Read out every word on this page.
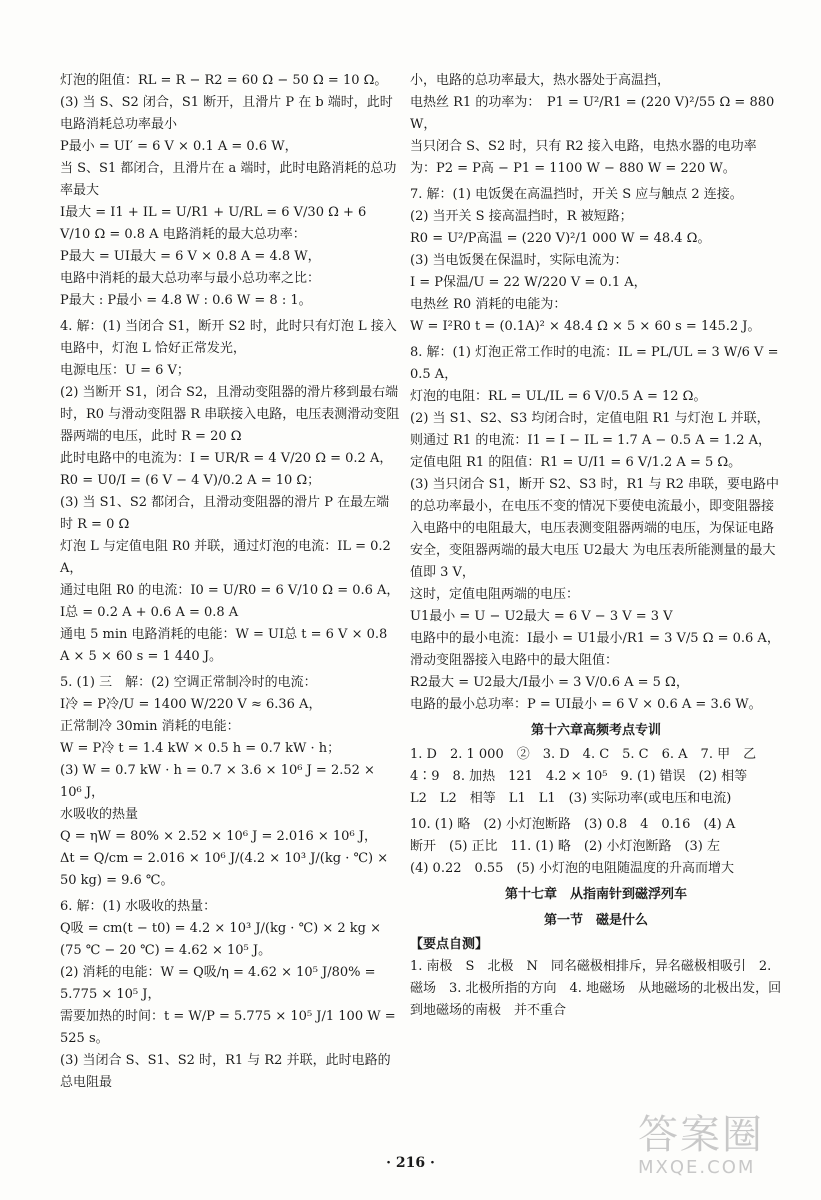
灯泡的阻值：RL = R − R2 = 60 Ω − 50 Ω = 10 Ω。

(3) 当 S、S2 闭合，S1 断开，且滑片 P 在 b 端时，此时电路消耗总功率最小

P最小 = UI′ = 6 V × 0.1 A = 0.6 W，

当 S、S1 都闭合，且滑片在 a 端时，此时电路消耗的总功率最大

I最大 = I1 + IL = U/R1 + U/RL = 6 V/30 Ω + 6 V/10 Ω = 0.8 A 电路消耗的最大总功率：

P最大 = UI最大 = 6 V × 0.8 A = 4.8 W，

电路中消耗的最大总功率与最小总功率之比：

P最大 : P最小 = 4.8 W : 0.6 W = 8 : 1。

4. 解：(1) 当闭合 S1，断开 S2 时，此时只有灯泡 L 接入电路中，灯泡 L 恰好正常发光，

电源电压：U = 6 V；

(2) 当断开 S1，闭合 S2，且滑动变阻器的滑片移到最右端时，R0 与滑动变阻器 R 串联接入电路，电压表测滑动变阻器两端的电压，此时 R = 20 Ω

此时电路中的电流为：I = UR/R = 4 V/20 Ω = 0.2 A，

R0 = U0/I = (6 V − 4 V)/0.2 A = 10 Ω；

(3) 当 S1、S2 都闭合，且滑动变阻器的滑片 P 在最左端时 R = 0 Ω

灯泡 L 与定值电阻 R0 并联，通过灯泡的电流：IL = 0.2 A，

通过电阻 R0 的电流：I0 = U/R0 = 6 V/10 Ω = 0.6 A，

I总 = 0.2 A + 0.6 A = 0.8 A

通电 5 min 电路消耗的电能：W = UI总 t = 6 V × 0.8 A × 5 × 60 s = 1 440 J。

5. (1) 三　解：(2) 空调正常制冷时的电流：

I冷 = P冷/U = 1400 W/220 V ≈ 6.36 A，

正常制冷 30min 消耗的电能：

W = P冷 t = 1.4 kW × 0.5 h = 0.7 kW · h；

(3) W = 0.7 kW · h = 0.7 × 3.6 × 10⁶ J = 2.52 × 10⁶ J，

水吸收的热量

Q = ηW = 80% × 2.52 × 10⁶ J = 2.016 × 10⁶ J，

Δt = Q/cm = 2.016 × 10⁶ J/(4.2 × 10³ J/(kg · ℃) × 50 kg) = 9.6 ℃。

6. 解：(1) 水吸收的热量：

Q吸 = cm(t − t0) = 4.2 × 10³ J/(kg · ℃) × 2 kg × (75 ℃ − 20 ℃) = 4.62 × 10⁵ J。

(2) 消耗的电能：W = Q吸/η = 4.62 × 10⁵ J/80% = 5.775 × 10⁵ J，

需要加热的时间：t = W/P = 5.775 × 10⁵ J/1 100 W = 525 s。

(3) 当闭合 S、S1、S2 时，R1 与 R2 并联，此时电路的总电阻最

小，电路的总功率最大，热水器处于高温挡，

电热丝 R1 的功率为：　P1 = U²/R1 = (220 V)²/55 Ω = 880 W，

当只闭合 S、S2 时，只有 R2 接入电路，电热水器的电功率为：P2 = P高 − P1 = 1100 W − 880 W = 220 W。

7. 解：(1) 电饭煲在高温挡时，开关 S 应与触点 2 连接。

(2) 当开关 S 接高温挡时，R 被短路；

R0 = U²/P高温 = (220 V)²/1 000 W = 48.4 Ω。

(3) 当电饭煲在保温时，实际电流为：

I = P保温/U = 22 W/220 V = 0.1 A，

电热丝 R0 消耗的电能为：

W = I²R0 t = (0.1A)² × 48.4 Ω × 5 × 60 s = 145.2 J。

8. 解：(1) 灯泡正常工作时的电流：IL = PL/UL = 3 W/6 V = 0.5 A，

灯泡的电阻：RL = UL/IL = 6 V/0.5 A = 12 Ω。

(2) 当 S1、S2、S3 均闭合时，定值电阻 R1 与灯泡 L 并联，则通过 R1 的电流：I1 = I − IL = 1.7 A − 0.5 A = 1.2 A，

定值电阻 R1 的阻值：R1 = U/I1 = 6 V/1.2 A = 5 Ω。

(3) 当只闭合 S1，断开 S2、S3 时，R1 与 R2 串联，要电路中的总功率最小，在电压不变的情况下要使电流最小，即变阻器接入电路中的电阻最大，电压表测变阻器两端的电压，为保证电路安全，变阻器两端的最大电压 U2最大 为电压表所能测量的最大值即 3 V，

这时，定值电阻两端的电压：

U1最小 = U − U2最大 = 6 V − 3 V = 3 V

电路中的最小电流：I最小 = U1最小/R1 = 3 V/5 Ω = 0.6 A，

滑动变阻器接入电路中的最大阻值：

R2最大 = U2最大/I最小 = 3 V/0.6 A = 5 Ω，

电路的最小总功率：P = UI最小 = 6 V × 0.6 A = 3.6 W。

第十六章高频考点专训

1. D　2. 1 000　②　3. D　4. C　5. C　6. A　7. 甲　乙

4∶9　8. 加热　121　4.2 × 10⁵　9. (1) 错误　(2) 相等

L2　L2　相等　L1　L1　(3) 实际功率(或电压和电流)

10. (1) 略　(2) 小灯泡断路　(3) 0.8　4　0.16　(4) A

断开　(5) 正比　11. (1) 略　(2) 小灯泡断路　(3) 左

(4) 0.22　0.55　(5) 小灯泡的电阻随温度的升高而增大

第十七章　从指南针到磁浮列车

第一节　磁是什么

【要点自测】

1. 南极　S　北极　N　同名磁极相排斥，异名磁极相吸引　2. 磁场　3. 北极所指的方向　4. 地磁场　从地磁场的北极出发，回到地磁场的南极　并不重合

· 216 ·
答案圈
MXQE.COM
